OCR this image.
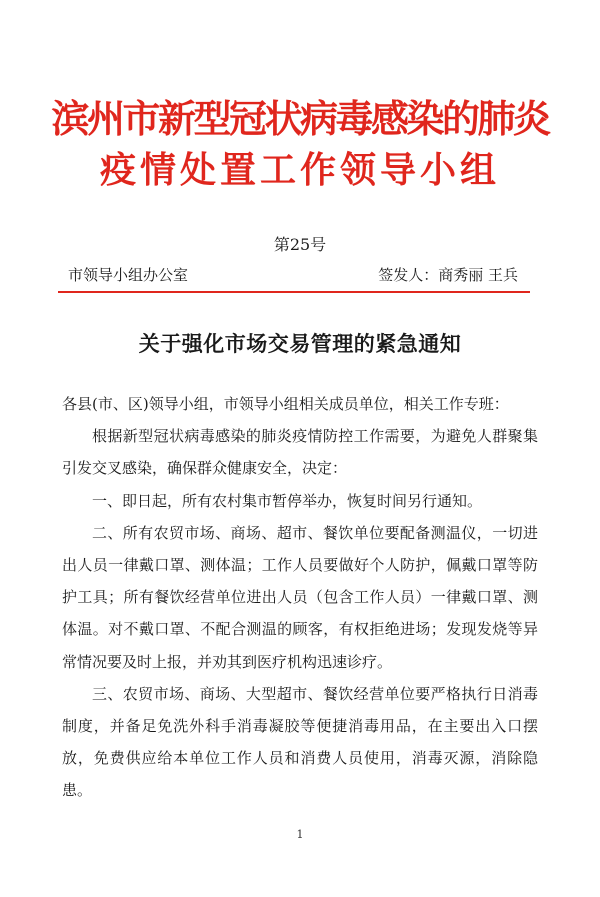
滨州市新型冠状病毒感染的肺炎
疫情处置工作领导小组
第25号
市领导小组办公室	签发人：商秀丽 王兵
关于强化市场交易管理的紧急通知

各县(市、区)领导小组，市领导小组相关成员单位，相关工作专班：

根据新型冠状病毒感染的肺炎疫情防控工作需要，为避免人群聚集引发交叉感染，确保群众健康安全，决定：

一、即日起，所有农村集市暂停举办，恢复时间另行通知。

二、所有农贸市场、商场、超市、餐饮单位要配备测温仪，一切进出人员一律戴口罩、测体温；工作人员要做好个人防护，佩戴口罩等防护工具；所有餐饮经营单位进出人员（包含工作人员）一律戴口罩、测体温。对不戴口罩、不配合测温的顾客，有权拒绝进场；发现发烧等异常情况要及时上报，并劝其到医疗机构迅速诊疗。

三、农贸市场、商场、大型超市、餐饮经营单位要严格执行日消毒制度，并备足免洗外科手消毒凝胶等便捷消毒用品，在主要出入口摆放，免费供应给本单位工作人员和消费人员使用，消毒灭源，消除隐患。

1
